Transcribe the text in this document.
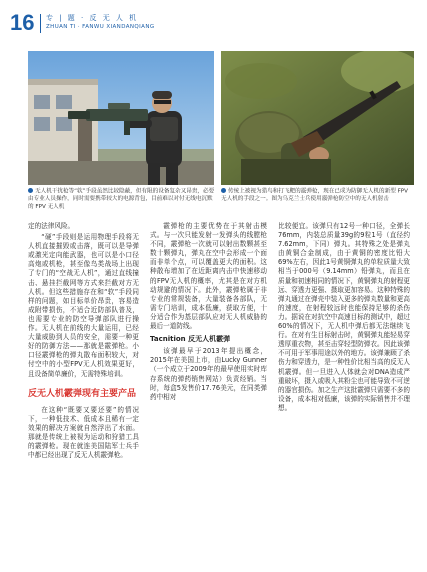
16 专 | 题 · 反 无 人 机
ZHUAN TI · FANWU XIANDANQIANG
无人机干扰枪等“软”手段虽然比较隐蔽，但有限的设备复杂又昂贵，必要由专业人员操作，同时需要携带较大的电源背包，目前难以对付无线电沉默的 FPV 无人机
传统上被视为猎鸟和打飞靶的霰弹枪，现在已成为防御无人机的新型 FPV 无人机的手段之一。图为乌克兰士兵使用霰弹枪防空中的无人机射击

定的法律风险。

“硬”手段则是运用物理手段将无人机直接摧毁或击落，既可以是导弹或激光定向能武器，也可以是小口径高炮或机枪，甚至像鸟类战场上出现了专门的“空战无人机”，通过直线撞击、悬挂拦截网等方式来拦截对方无人机。但这些措施存在和“软”手段同样的问题，如目标单价昂贵，容易造成附带损伤，不适合近防部队普及，也需要专业的防空导弹部队进行操作。无人机在前线的大量运用，已经大量威胁到人员的安全，需要一种更好的防御方法——那就是霰弹枪。小口径霰弹枪的弹丸散布面积较大，对付空中的小型FPV无人机效果更好，且设备简单廉价，无需特殊培训。

反无人机霰弹现有主要产品

在这种“既要又要还要”的情况下，一种低技术、低成本且稀有一定效果的解决方案就自然浮出了水面。那就是传统上被视为运动和狩猎工具的霰弹枪。现在就连美国陆军士兵手中都已经出现了反无人机霰弹枪。

霰弹枪的主要优势在于其射击模式。与一次只能发射一发弹头的线膛枪不同，霰弹枪一次就可以射出数颗甚至数十颗弹丸，弹丸在空中会形成一个面而非单个点，可以覆盖更大的面积。这种散布增加了在近距离内击中快速移动的FPV无人机的概率，尤其是在对方机动规避的情况下。此外，霰弹枪属于非专业的常规装备，大量装备各部队，无需专门培训，成本低廉，获取方便，十分适合作为基层部队应对无人机威胁的最后一道防线。

Tacnition 反无人机霰弹

该弹最早于2013年提出概念，2015年在美国上市，由Lucky Gunner（一个成立于2009年的最早使用实时库存系统的弹药销售网站）负责经销。当时，每盒5发售价17.76美元，在同类弹药中相对

比较便宜。该弹只有12号一种口径，全弹长76mm，内装总质量39g的9粒1号（直径约7.62mm，下同）弹丸。其特殊之处是弹丸由黄铜合金制成，由于黄铜的密度比铅大69%左右，因此1号黄铜弹丸的单粒质量大致相当于000号（9.14mm）铅弹丸，而且在质量和初速相同的情况下，黄铜弹丸的射程更远、穿透力更强、摄取更加容易。这种特殊的弹丸通过在弹壳中装入更多的弹丸数量和更高的速度，在射程较远时也能保持足够的杀伤力。据说在对抗空中高速目标的测试中，超过60%的情况下，无人机中弹后都无法继续飞行。在对有生目标射击时，黄铜弹丸能轻易穿透厚重衣物，甚至击穿轻型防弹衣。因此该弹不可用于军事用途以外的地方。该弹兼顾了杀伤力和穿透力，是一种性价比相当高的反无人机霰弹。但一旦进入人体就会对DNA造成严重破坏，摄入或吸入其粉尘也可能导致不可逆的器官损伤。加之生产这批霰弹只需要不多的设备，成本相对低廉，该弹的实际销售并不理想。
